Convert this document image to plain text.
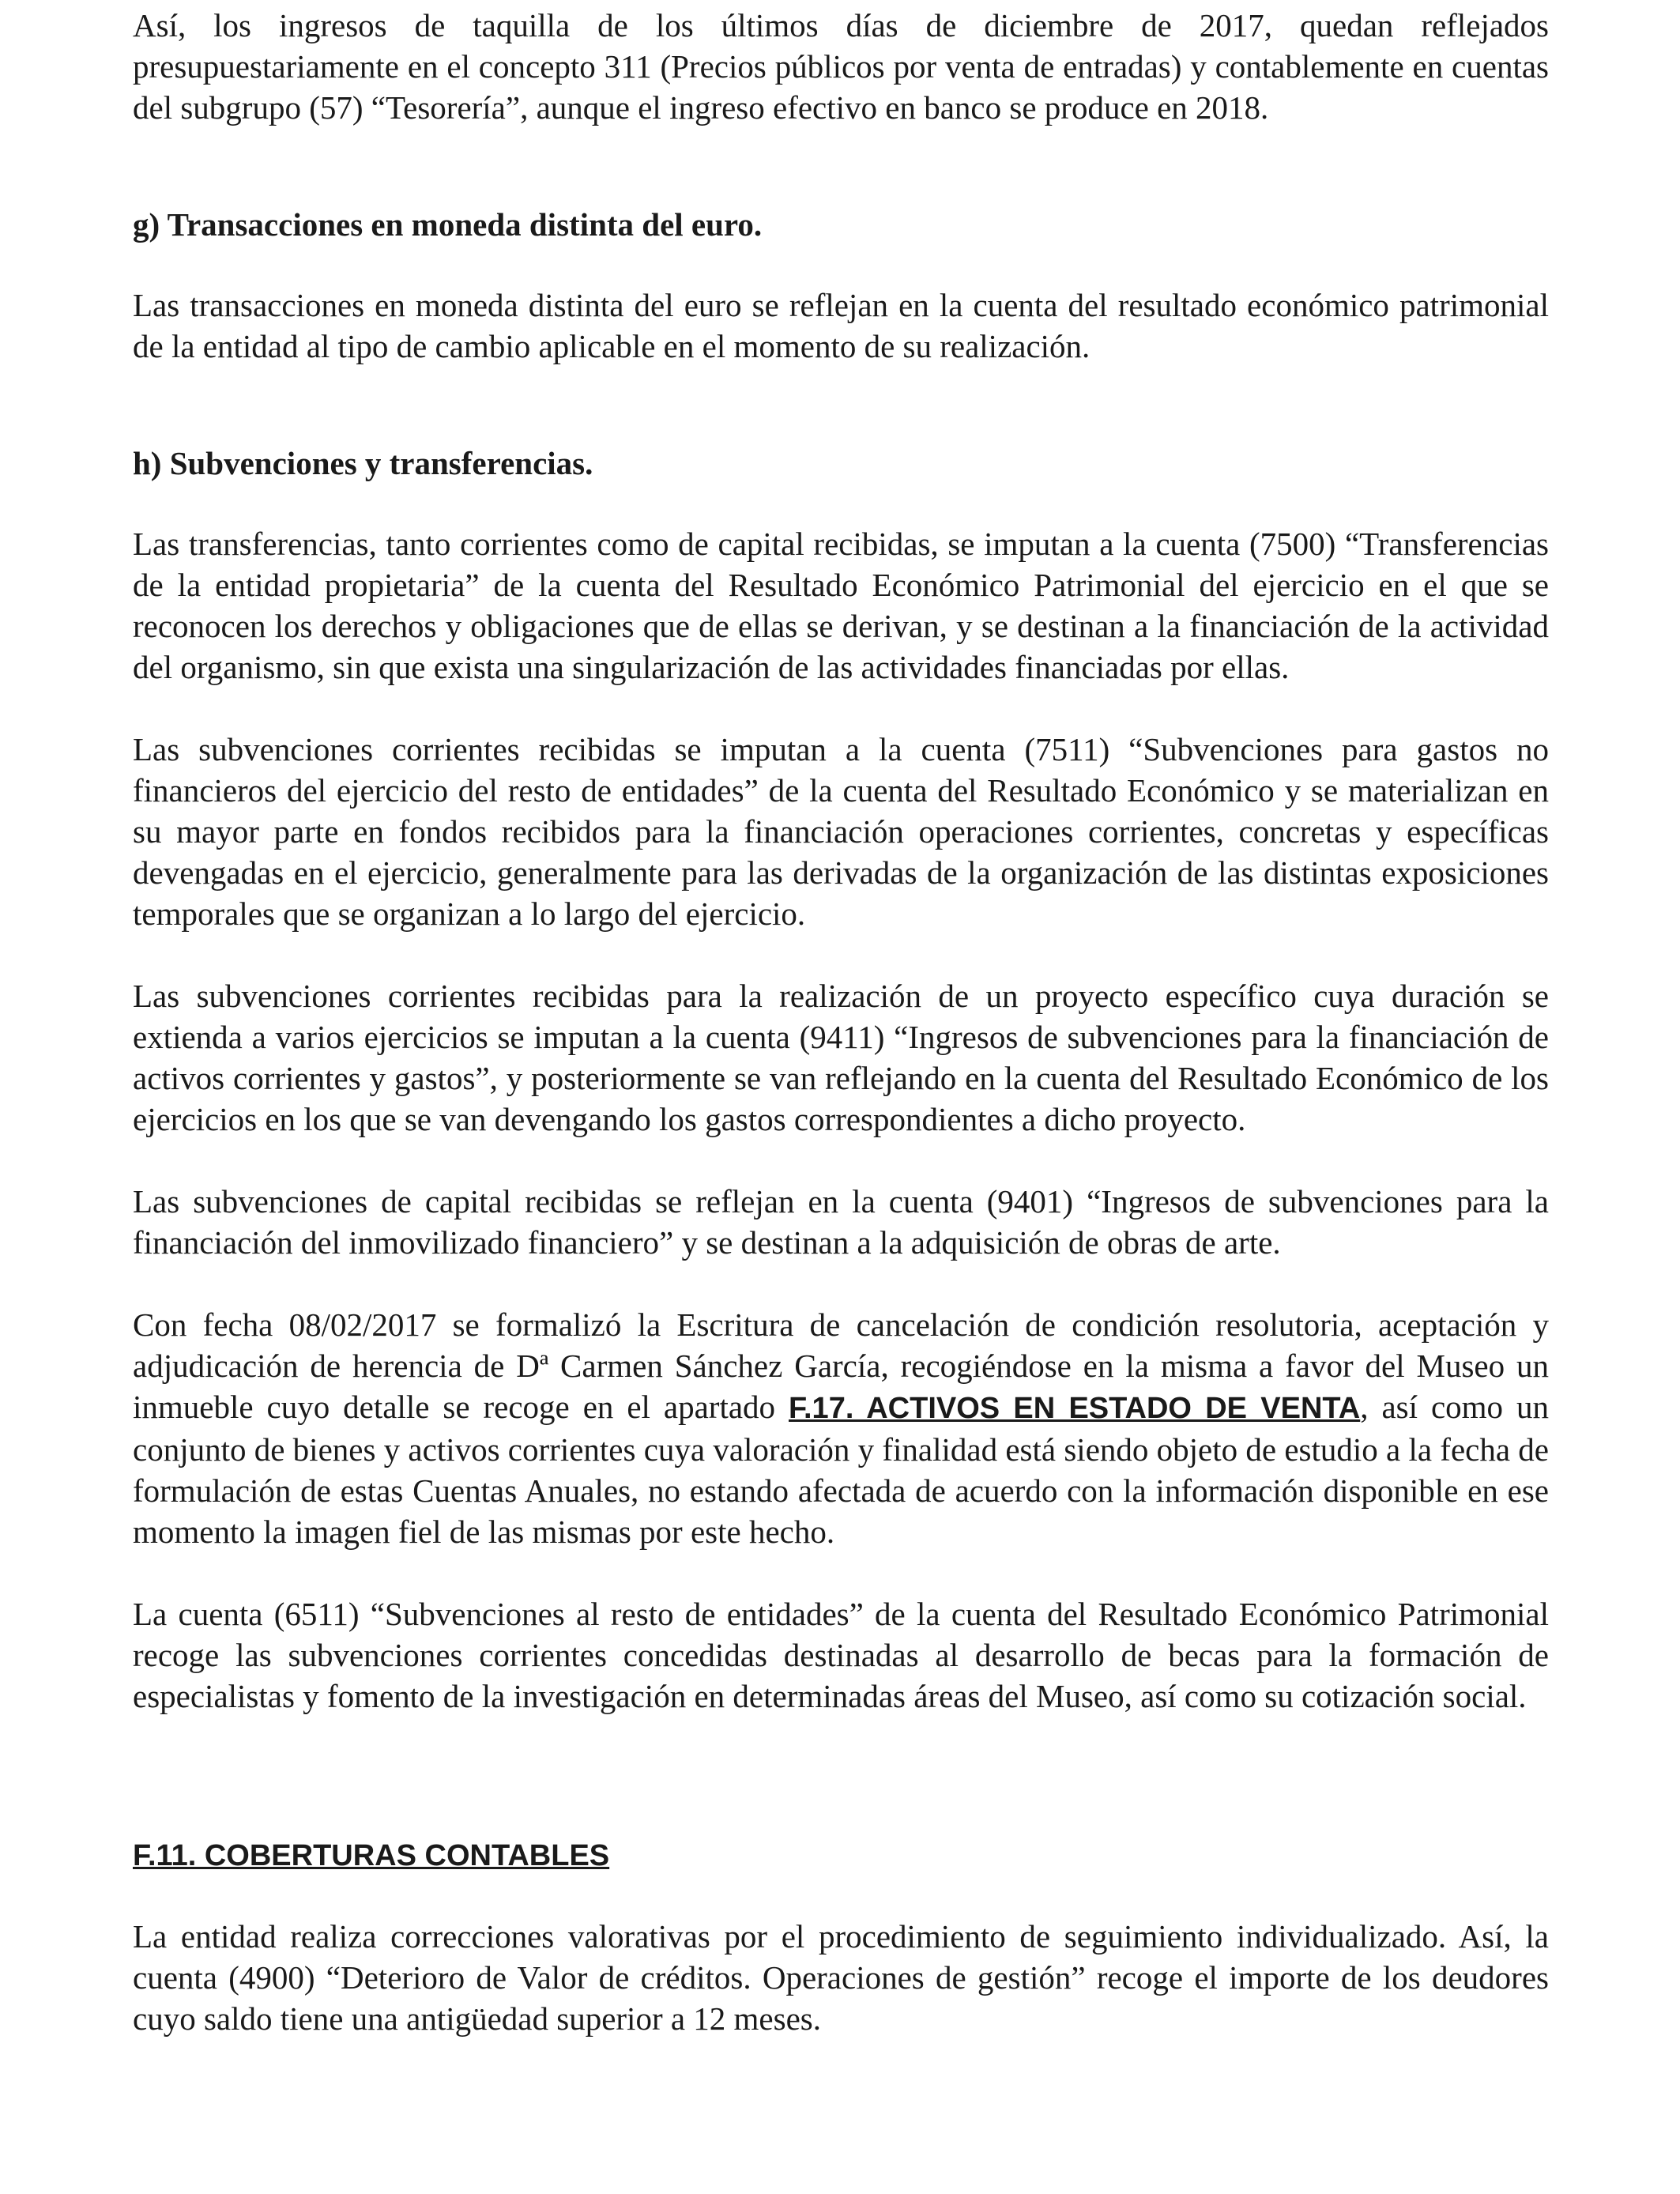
Así, los ingresos de taquilla de los últimos días de diciembre de 2017, quedan reflejados presupuestariamente en el concepto 311 (Precios públicos por venta de entradas) y contablemente en cuentas del subgrupo (57) “Tesorería”, aunque el ingreso efectivo en banco se produce en 2018.

g) Transacciones en moneda distinta del euro.

Las transacciones en moneda distinta del euro se reflejan en la cuenta del resultado económico patrimonial de la entidad al tipo de cambio aplicable en el momento de su realización.

h) Subvenciones y transferencias.

Las transferencias, tanto corrientes como de capital recibidas, se imputan a la cuenta (7500) “Transferencias de la entidad propietaria” de la cuenta del Resultado Económico Patrimonial del ejercicio en el que se reconocen los derechos y obligaciones que de ellas se derivan, y se destinan a la financiación de la actividad del organismo, sin que exista una singularización de las actividades financiadas por ellas.

Las subvenciones corrientes recibidas se imputan a la cuenta (7511) “Subvenciones para gastos no financieros del ejercicio del resto de entidades” de la cuenta del Resultado Económico y se materializan en su mayor parte en fondos recibidos para la financiación operaciones corrientes, concretas y específicas devengadas en el ejercicio, generalmente para las derivadas de la organización de las distintas exposiciones temporales que se organizan a lo largo del ejercicio.

Las subvenciones corrientes recibidas para la realización de un proyecto específico cuya duración se extienda a varios ejercicios se imputan a la cuenta (9411) “Ingresos de subvenciones para la financiación de activos corrientes y gastos”, y posteriormente se van reflejando en la cuenta del Resultado Económico de los ejercicios en los que se van devengando los gastos correspondientes a dicho proyecto.

Las subvenciones de capital recibidas se reflejan en la cuenta (9401) “Ingresos de subvenciones para la financiación del inmovilizado financiero” y se destinan a la adquisición de obras de arte.

Con fecha 08/02/2017 se formalizó la Escritura de cancelación de condición resolutoria, aceptación y adjudicación de herencia de Dª Carmen Sánchez García, recogiéndose en la misma a favor del Museo un inmueble cuyo detalle se recoge en el apartado F.17. ACTIVOS EN ESTADO DE VENTA, así como un conjunto de bienes y activos corrientes cuya valoración y finalidad está siendo objeto de estudio a la fecha de formulación de estas Cuentas Anuales, no estando afectada de acuerdo con la información disponible en ese momento la imagen fiel de las mismas por este hecho.

La cuenta (6511) “Subvenciones al resto de entidades” de la cuenta del Resultado Económico Patrimonial recoge las subvenciones corrientes concedidas destinadas al desarrollo de becas para la formación de especialistas y fomento de la investigación en determinadas áreas del Museo, así como su cotización social.

F.11. COBERTURAS CONTABLES

La entidad realiza correcciones valorativas por el procedimiento de seguimiento individualizado. Así, la cuenta (4900) “Deterioro de Valor de créditos. Operaciones de gestión” recoge el importe de los deudores cuyo saldo tiene una antigüedad superior a 12 meses.
